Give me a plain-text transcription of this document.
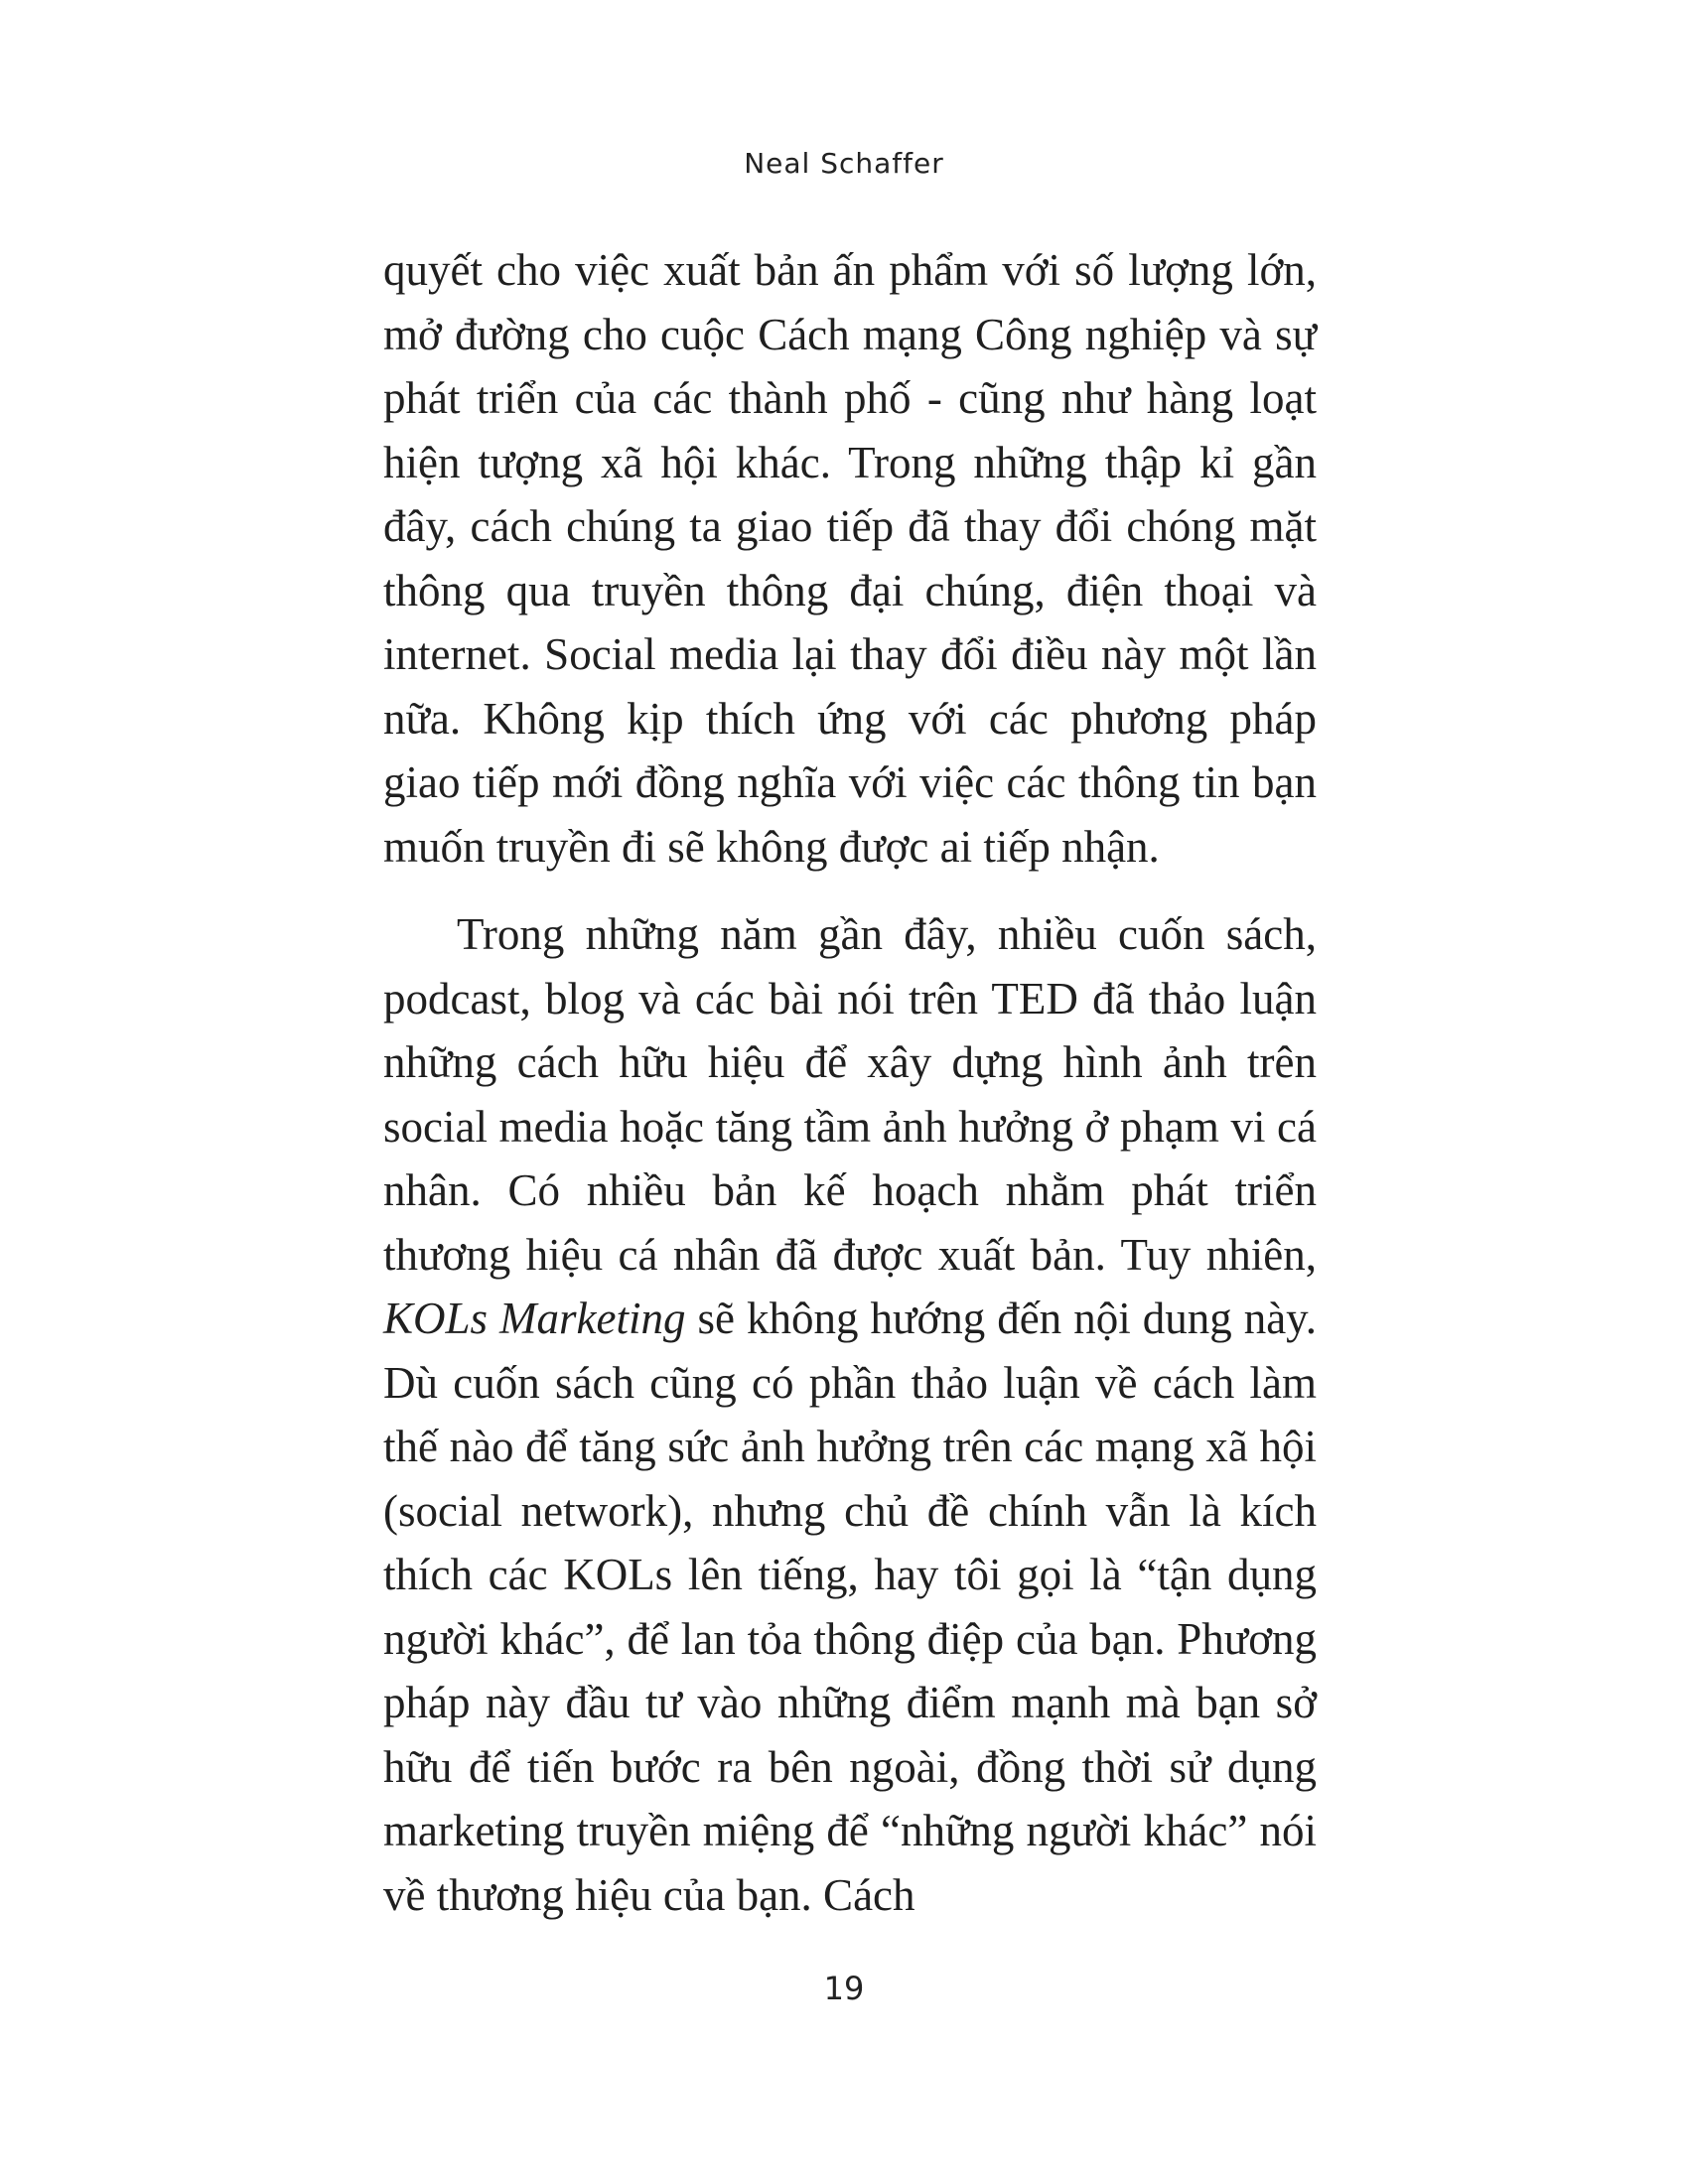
Neal Schaffer

quyết cho việc xuất bản ấn phẩm với số lượng lớn, mở đường cho cuộc Cách mạng Công nghiệp và sự phát triển của các thành phố - cũng như hàng loạt hiện tượng xã hội khác. Trong những thập kỉ gần đây, cách chúng ta giao tiếp đã thay đổi chóng mặt thông qua truyền thông đại chúng, điện thoại và internet. Social media lại thay đổi điều này một lần nữa. Không kịp thích ứng với các phương pháp giao tiếp mới đồng nghĩa với việc các thông tin bạn muốn truyền đi sẽ không được ai tiếp nhận.

Trong những năm gần đây, nhiều cuốn sách, podcast, blog và các bài nói trên TED đã thảo luận những cách hữu hiệu để xây dựng hình ảnh trên social media hoặc tăng tầm ảnh hưởng ở phạm vi cá nhân. Có nhiều bản kế hoạch nhằm phát triển thương hiệu cá nhân đã được xuất bản. Tuy nhiên, KOLs Marketing sẽ không hướng đến nội dung này. Dù cuốn sách cũng có phần thảo luận về cách làm thế nào để tăng sức ảnh hưởng trên các mạng xã hội (social network), nhưng chủ đề chính vẫn là kích thích các KOLs lên tiếng, hay tôi gọi là “tận dụng người khác”, để lan tỏa thông điệp của bạn. Phương pháp này đầu tư vào những điểm mạnh mà bạn sở hữu để tiến bước ra bên ngoài, đồng thời sử dụng marketing truyền miệng để “những người khác” nói về thương hiệu của bạn. Cách

19
